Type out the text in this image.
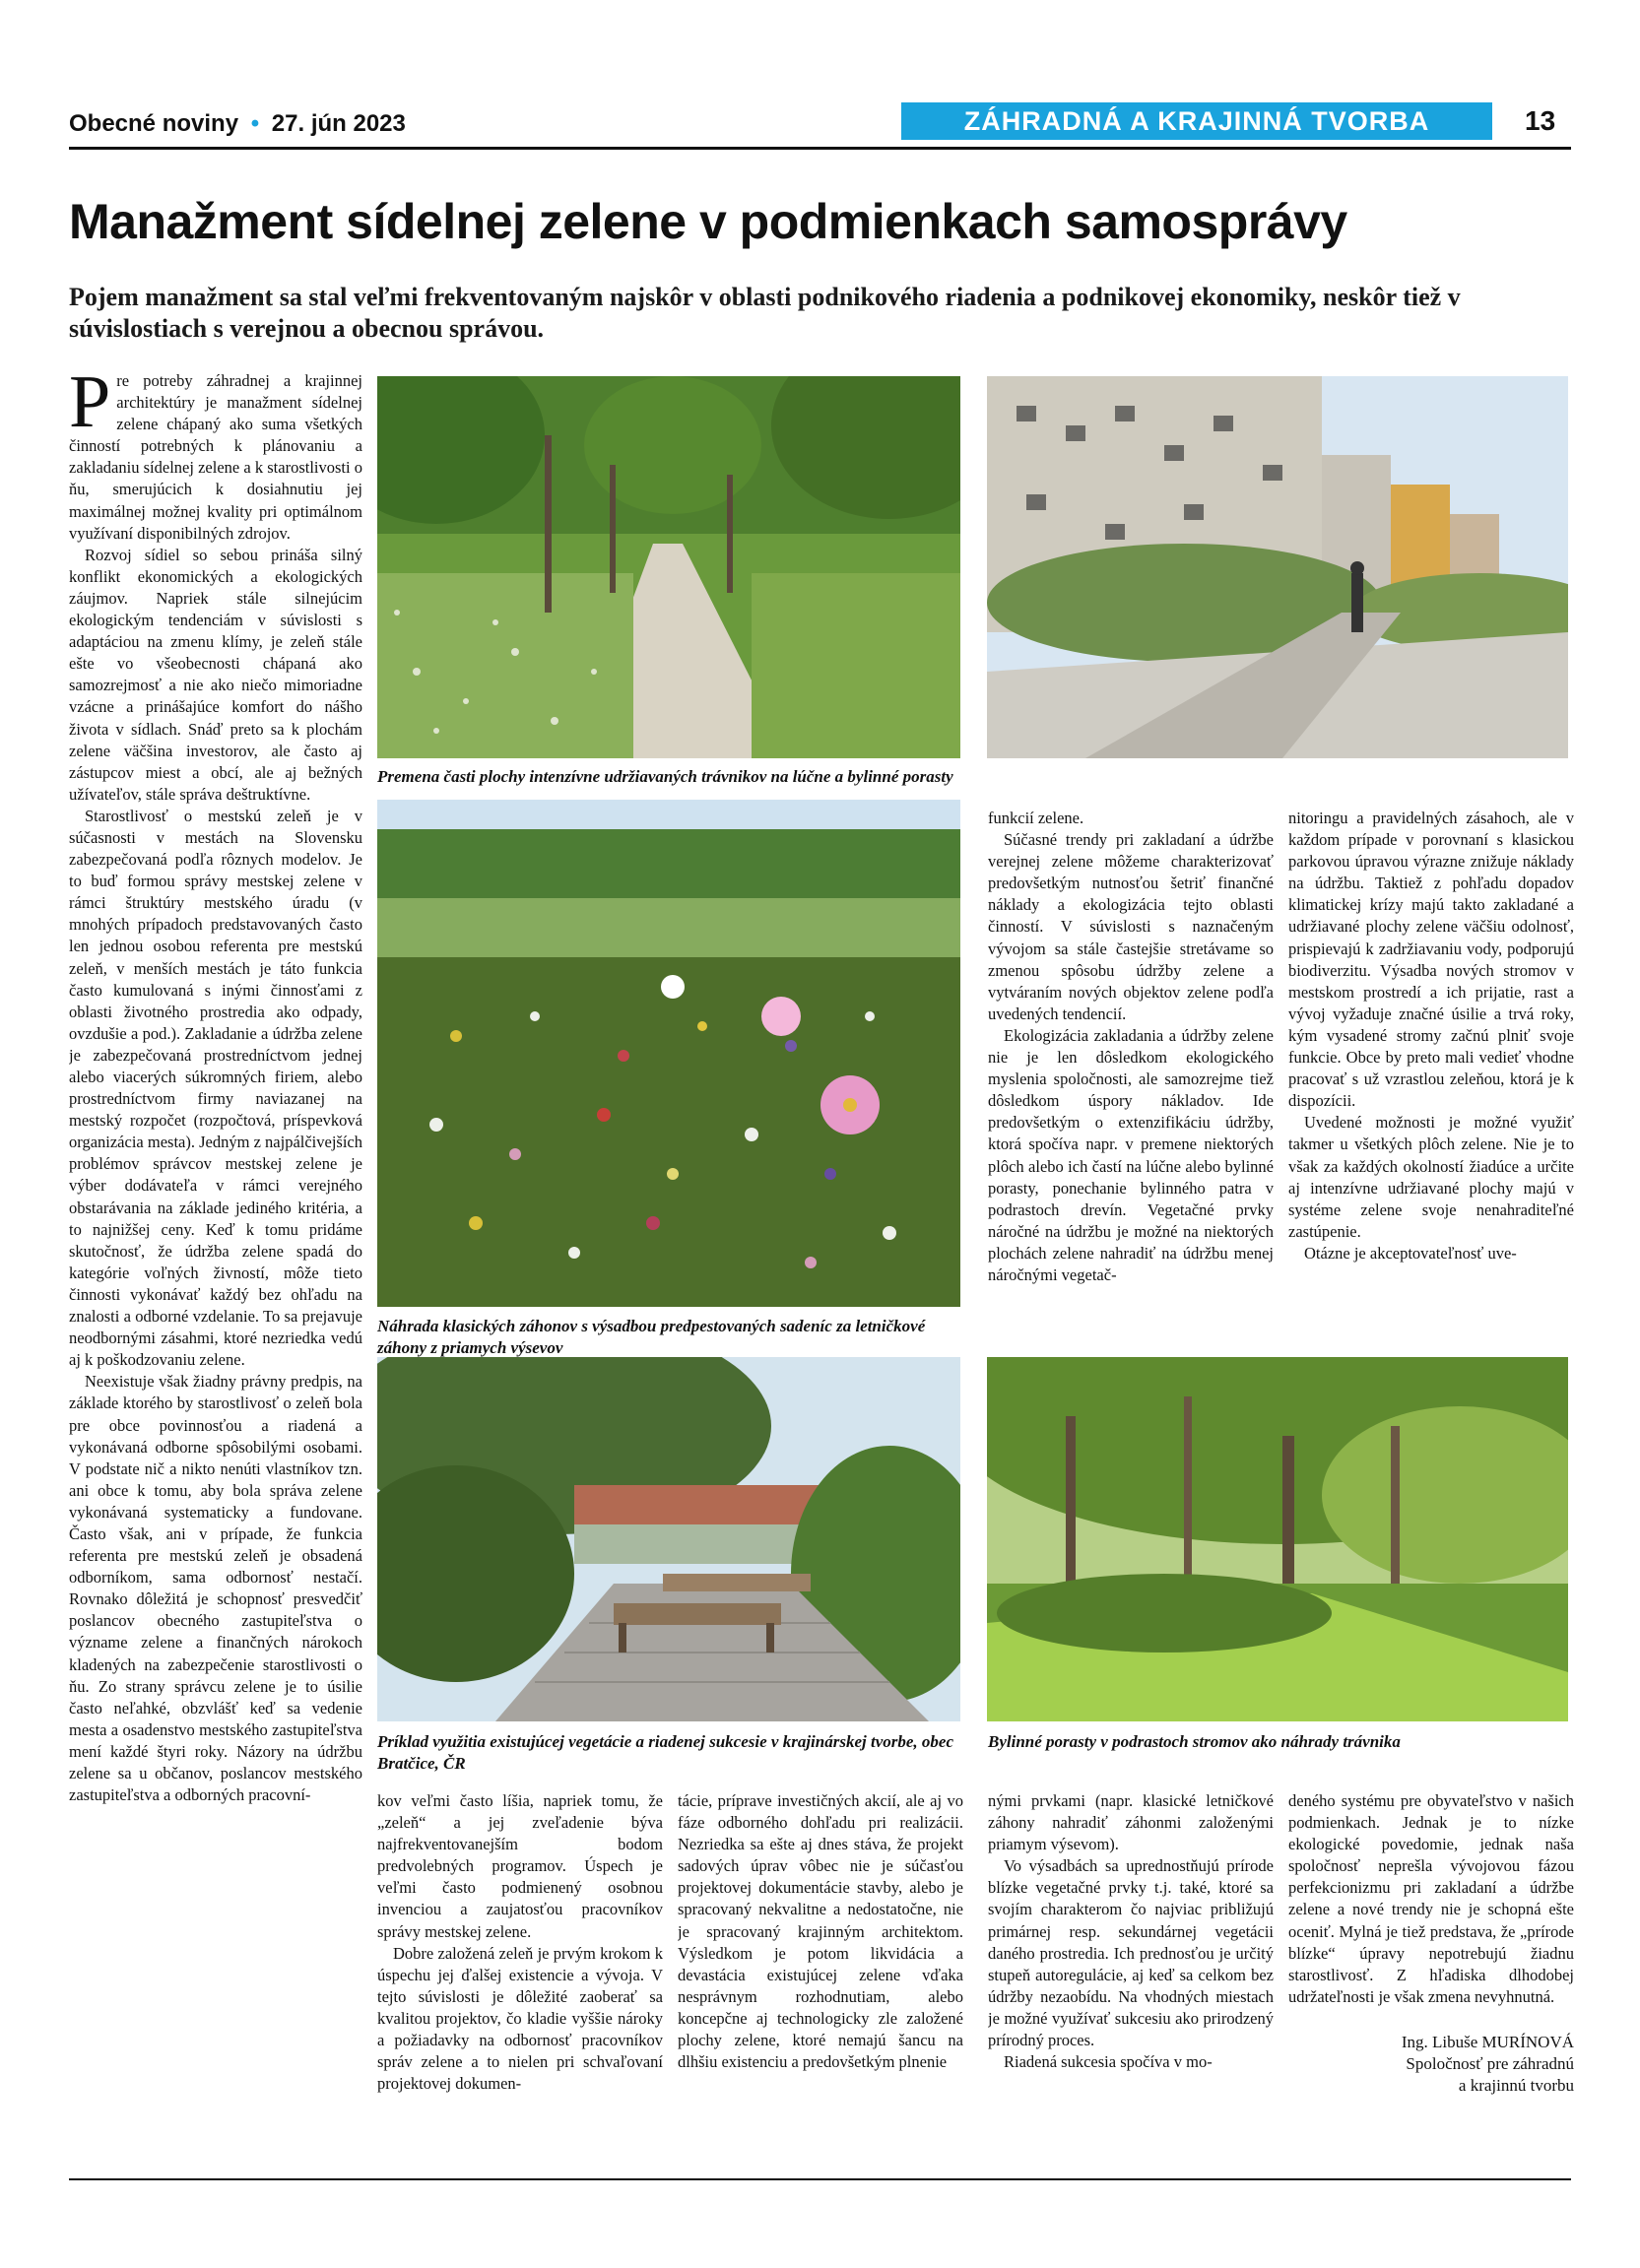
Obecné noviny • 27. jún 2023	ZÁHRADNÁ A KRAJINNÁ TVORBA	13
Manažment sídelnej zelene v podmienkach samosprávy
Pojem manažment sa stal veľmi frekventovaným najskôr v oblasti podnikového riadenia a podnikovej ekonomiky, neskôr tiež v súvislostiach s verejnou a obecnou správou.

Pre potreby záhradnej a krajinnej architektúry je manažment sídelnej zelene chápaný ako suma všetkých činností potrebných k plánovaniu a zakladaniu sídelnej zelene a k starostlivosti o ňu, smerujúcich k dosiahnutiu jej maximálnej možnej kvality pri optimálnom využívaní disponibilných zdrojov.

Rozvoj sídiel so sebou prináša silný konflikt ekonomických a ekologických záujmov. Napriek stále silnejúcim ekologickým tendenciám v súvislosti s adaptáciou na zmenu klímy, je zeleň stále ešte vo všeobecnosti chápaná ako samozrejmosť a nie ako niečo mimoriadne vzácne a prinášajúce komfort do nášho života v sídlach. Snáď preto sa k plochám zelene väčšina investorov, ale často aj zástupcov miest a obcí, ale aj bežných užívateľov, stále správa deštruktívne.

Starostlivosť o mestskú zeleň je v súčasnosti v mestách na Slovensku zabezpečovaná podľa rôznych modelov. Je to buď formou správy mestskej zelene v rámci štruktúry mestského úradu (v mnohých prípadoch predstavovaných často len jednou osobou referenta pre mestskú zeleň, v menších mestách je táto funkcia často kumulovaná s inými činnosťami z oblasti životného prostredia ako odpady, ovzdušie a pod.). Zakladanie a údržba zelene je zabezpečovaná prostredníctvom jednej alebo viacerých súkromných firiem, alebo prostredníctvom firmy naviazanej na mestský rozpočet (rozpočtová, príspevková organizácia mesta). Jedným z najpálčivejších problémov správcov mestskej zelene je výber dodávateľa v rámci verejného obstarávania na základe jediného kritéria, a to najnižšej ceny. Keď k tomu pridáme skutočnosť, že údržba zelene spadá do kategórie voľných živností, môže tieto činnosti vykonávať každý bez ohľadu na znalosti a odborné vzdelanie. To sa prejavuje neodbornými zásahmi, ktoré nezriedka vedú aj k poškodzovaniu zelene.

Neexistuje však žiadny právny predpis, na základe ktorého by starostlivosť o zeleň bola pre obce povinnosťou a riadená a vykonávaná odborne spôsobilými osobami. V podstate nič a nikto nenúti vlastníkov tzn. ani obce k tomu, aby bola správa zelene vykonávaná systematicky a fundovane. Často však, ani v prípade, že funkcia referenta pre mestskú zeleň je obsadená odborníkom, sama odbornosť nestačí. Rovnako dôležitá je schopnosť presvedčiť poslancov obecného zastupiteľstva o význame zelene a finančných nárokoch kladených na zabezpečenie starostlivosti o ňu. Zo strany správcu zelene je to úsilie často neľahké, obzvlášť keď sa vedenie mesta a osadenstvo mestského zastupiteľstva mení každé štyri roky. Názory na údržbu zelene sa u občanov, poslancov mestského zastupiteľstva a odborných pracovní-

Premena časti plochy intenzívne udržiavaných trávnikov na lúčne a bylinné porasty
Náhrada klasických záhonov s výsadbou predpestovaných sadeníc za letničkové záhony z priamych výsevov

funkcií zelene.

Súčasné trendy pri zakladaní a údržbe verejnej zelene môžeme charakterizovať predovšetkým nutnosťou šetriť finančné náklady a ekologizácia tejto oblasti činností. V súvislosti s naznačeným vývojom sa stále častejšie stretávame so zmenou spôsobu údržby zelene a vytváraním nových objektov zelene podľa uvedených tendencií.

Ekologizácia zakladania a údržby zelene nie je len dôsledkom ekologického myslenia spoločnosti, ale samozrejme tiež dôsledkom úspory nákladov. Ide predovšetkým o extenzifikáciu údržby, ktorá spočíva napr. v premene niektorých plôch alebo ich častí na lúčne alebo bylinné porasty, ponechanie bylinného patra v podrastoch drevín. Vegetačné prvky náročné na údržbu je možné na niektorých plochách zelene nahradiť na údržbu menej náročnými vegetač-

nitoringu a pravidelných zásahoch, ale v každom prípade v porovnaní s klasickou parkovou úpravou výrazne znižuje náklady na údržbu. Taktiež z pohľadu dopadov klimatickej krízy majú takto zakladané a udržiavané plochy zelene väčšiu odolnosť, prispievajú k zadržiavaniu vody, podporujú biodiverzitu. Výsadba nových stromov v mestskom prostredí a ich prijatie, rast a vývoj vyžaduje značné úsilie a trvá roky, kým vysadené stromy začnú plniť svoje funkcie. Obce by preto mali vedieť vhodne pracovať s už vzrastlou zeleňou, ktorá je k dispozícii.

Uvedené možnosti je možné využiť takmer u všetkých plôch zelene. Nie je to však za každých okolností žiadúce a určite aj intenzívne udržiavané plochy majú v systéme zelene svoje nenahraditeľné zastúpenie.

Otázne je akceptovateľnosť uve-

Príklad využitia existujúcej vegetácie a riadenej sukcesie v krajinárskej tvorbe, obec Bratčice, ČR
Bylinné porasty v podrastoch stromov ako náhrady trávnika

kov veľmi často líšia, napriek tomu, že „zeleň“ a jej zveľadenie býva najfrekventovanejším bodom predvolebných programov. Úspech je veľmi často podmienený osobnou invenciou a zaujatosťou pracovníkov správy mestskej zelene.

Dobre založená zeleň je prvým krokom k úspechu jej ďalšej existencie a vývoja. V tejto súvislosti je dôležité zaoberať sa kvalitou projektov, čo kladie vyššie nároky a požiadavky na odbornosť pracovníkov správ zelene a to nielen pri schvaľovaní projektovej dokumen-

tácie, príprave investičných akcií, ale aj vo fáze odborného dohľadu pri realizácii. Nezriedka sa ešte aj dnes stáva, že projekt sadových úprav vôbec nie je súčasťou projektovej dokumentácie stavby, alebo je spracovaný nekvalitne a nedostatočne, nie je spracovaný krajinným architektom. Výsledkom je potom likvidácia a devastácia existujúcej zelene vďaka nesprávnym rozhodnutiam, alebo koncepčne aj technologicky zle založené plochy zelene, ktoré nemajú šancu na dlhšiu existenciu a predovšetkým plnenie

nými prvkami (napr. klasické letničkové záhony nahradiť záhonmi založenými priamym výsevom).

Vo výsadbách sa uprednostňujú prírode blízke vegetačné prvky t.j. také, ktoré sa svojím charakterom čo najviac približujú primárnej resp. sekundárnej vegetácii daného prostredia. Ich prednosťou je určitý stupeň autoregulácie, aj keď sa celkom bez údržby nezaobídu. Na vhodných miestach je možné využívať sukcesiu ako prirodzený prírodný proces.

Riadená sukcesia spočíva v mo-

deného systému pre obyvateľstvo v našich podmienkach. Jednak je to nízke ekologické povedomie, jednak naša spoločnosť neprešla vývojovou fázou perfekcionizmu pri zakladaní a údržbe zelene a nové trendy nie je schopná ešte oceniť. Mylná je tiež predstava, že „prírode blízke“ úpravy nepotrebujú žiadnu starostlivosť. Z hľadiska dlhodobej udržateľnosti je však zmena nevyhnutná.

Ing. Libuše MURÍNOVÁ
Spoločnosť pre záhradnú
a krajinnú tvorbu
